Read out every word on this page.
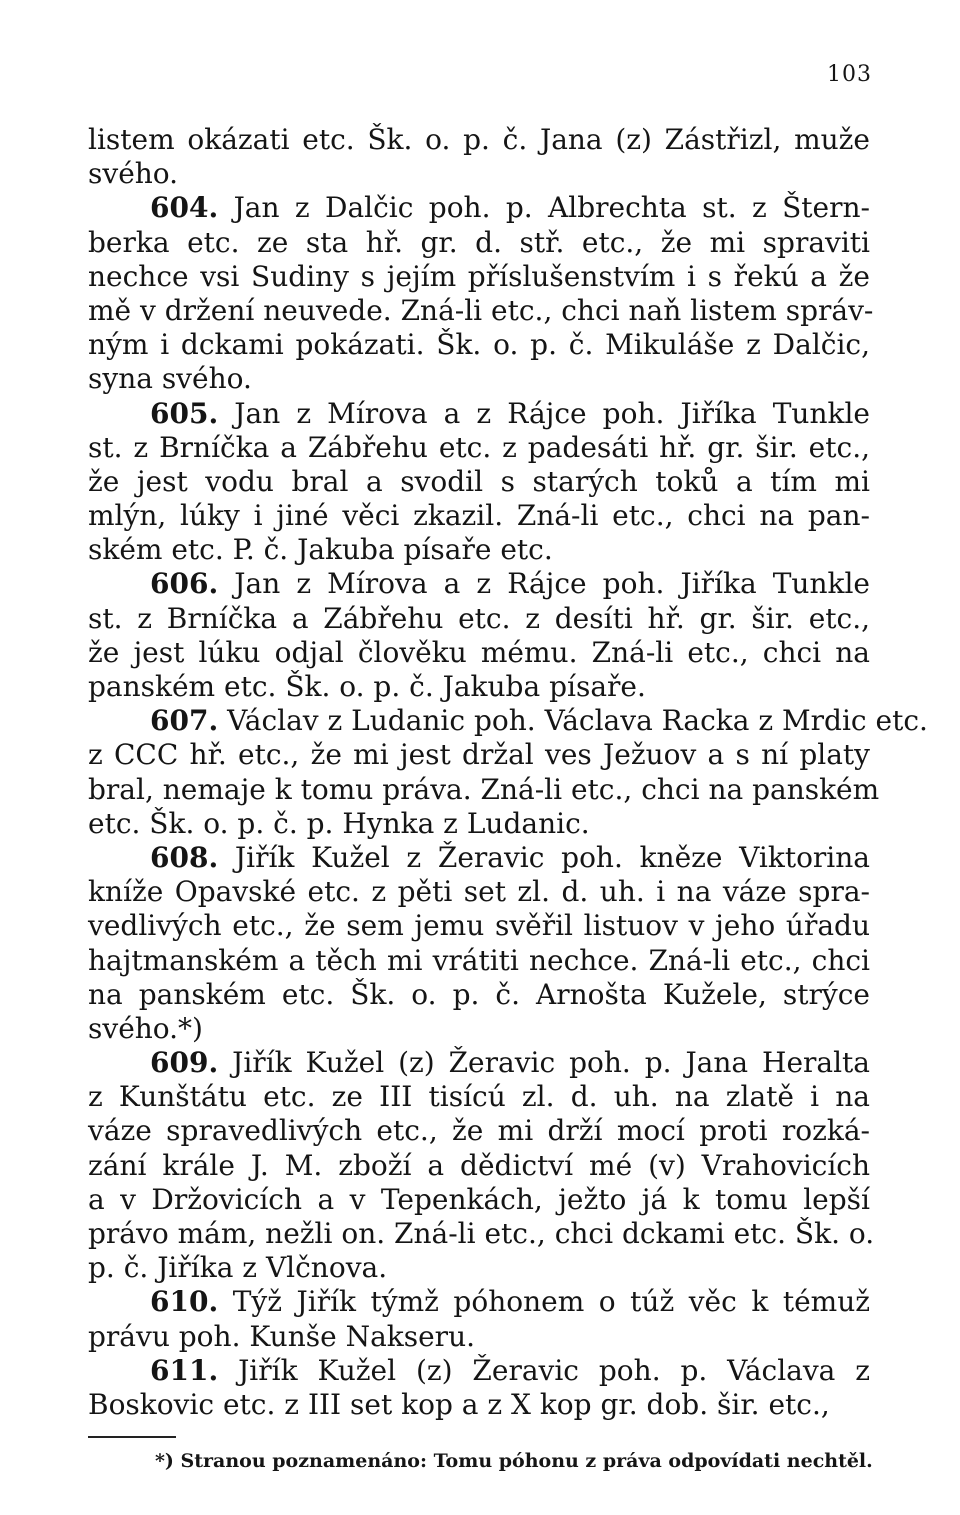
103
listem okázati etc. Šk. o. p. č. Jana (z) Zástřizl, muže
svého.
604. Jan z Dalčic poh. p. Albrechta st. z Štern-
berka etc. ze sta hř. gr. d. stř. etc., že mi spraviti
nechce vsi Sudiny s jejím příslušenstvím i s řekú a že
mě v držení neuvede. Zná-li etc., chci naň listem správ-
ným i dckami pokázati. Šk. o. p. č. Mikuláše z Dalčic,
syna svého.
605. Jan z Mírova a z Rájce poh. Jiříka Tunkle
st. z Brníčka a Zábřehu etc. z padesáti hř. gr. šir. etc.,
že jest vodu bral a svodil s starých toků a tím mi
mlýn, lúky i jiné věci zkazil. Zná-li etc., chci na pan-
ském etc. P. č. Jakuba písaře etc.
606. Jan z Mírova a z Rájce poh. Jiříka Tunkle
st. z Brníčka a Zábřehu etc. z desíti hř. gr. šir. etc.,
že jest lúku odjal člověku mému. Zná-li etc., chci na
panském etc. Šk. o. p. č. Jakuba písaře.
607. Václav z Ludanic poh. Václava Racka z Mrdic etc.
z CCC hř. etc., že mi jest držal ves Ježuov a s ní platy
bral, nemaje k tomu práva. Zná-li etc., chci na panském
etc. Šk. o. p. č. p. Hynka z Ludanic.
608. Jiřík Kužel z Žeravic poh. kněze Viktorina
kníže Opavské etc. z pěti set zl. d. uh. i na váze spra-
vedlivých etc., že sem jemu svěřil listuov v jeho úřadu
hajtmanském a těch mi vrátiti nechce. Zná-li etc., chci
na panském etc. Šk. o. p. č. Arnošta Kužele, strýce
svého.*)
609. Jiřík Kužel (z) Žeravic poh. p. Jana Heralta
z Kunštátu etc. ze III tisícú zl. d. uh. na zlatě i na
váze spravedlivých etc., že mi drží mocí proti rozká-
zání krále J. M. zboží a dědictví mé (v) Vrahovicích
a v Držovicích a v Tepenkách, ježto já k tomu lepší
právo mám, nežli on. Zná-li etc., chci dckami etc. Šk. o.
p. č. Jiříka z Vlčnova.
610. Týž Jiřík týmž póhonem o túž věc k témuž
právu poh. Kunše Nakseru.
611. Jiřík Kužel (z) Žeravic poh. p. Václava z
Boskovic etc. z III set kop a z X kop gr. dob. šir. etc.,
*) Stranou poznamenáno: Tomu póhonu z práva odpovídati nechtěl.
